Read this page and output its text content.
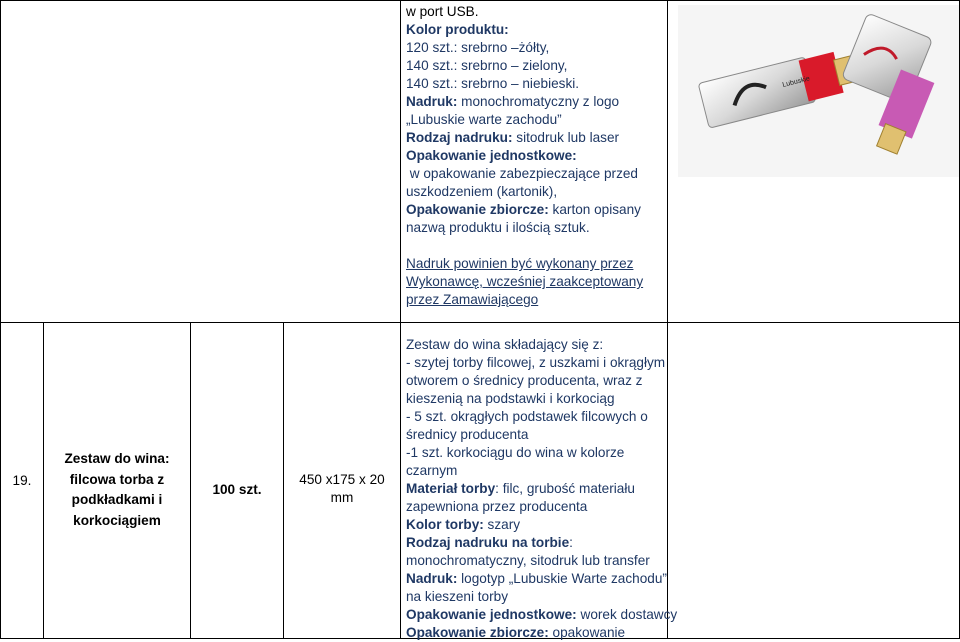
w port USB.
Kolor produktu:
120 szt.: srebrno –żółty,
140 szt.: srebrno – zielony,
140 szt.: srebrno – niebieski.
Nadruk: monochromatyczny z logo
„Lubuskie warte zachodu”
Rodzaj nadruku: sitodruk lub laser
Opakowanie jednostkowe:
w opakowanie zabezpieczające przed
uszkodzeniem (kartonik),
Opakowanie zbiorcze: karton opisany
nazwą produktu i ilością sztuk.
Nadruk powinien być wykonany przez
Wykonawcę, wcześniej zaakceptowany
przez Zamawiającego
Lubuskie
19.
Zestaw do wina:
filcowa torba z
podkładkami i
korkociągiem
100 szt.
450 x175 x 20
mm
Zestaw do wina składający się z:
- szytej torby filcowej, z uszkami i okrągłym
otworem o średnicy producenta, wraz z
kieszenią na podstawki i korkociąg
- 5 szt. okrągłych podstawek filcowych o
średnicy producenta
-1 szt. korkociągu do wina w kolorze
czarnym
Materiał torby: filc, grubość materiału
zapewniona przez producenta
Kolor torby: szary
Rodzaj nadruku na torbie:
monochromatyczny, sitodruk lub transfer
Nadruk: logotyp „Lubuskie Warte zachodu”
na kieszeni torby
Opakowanie jednostkowe: worek dostawcy
Opakowanie zbiorcze: opakowanie
